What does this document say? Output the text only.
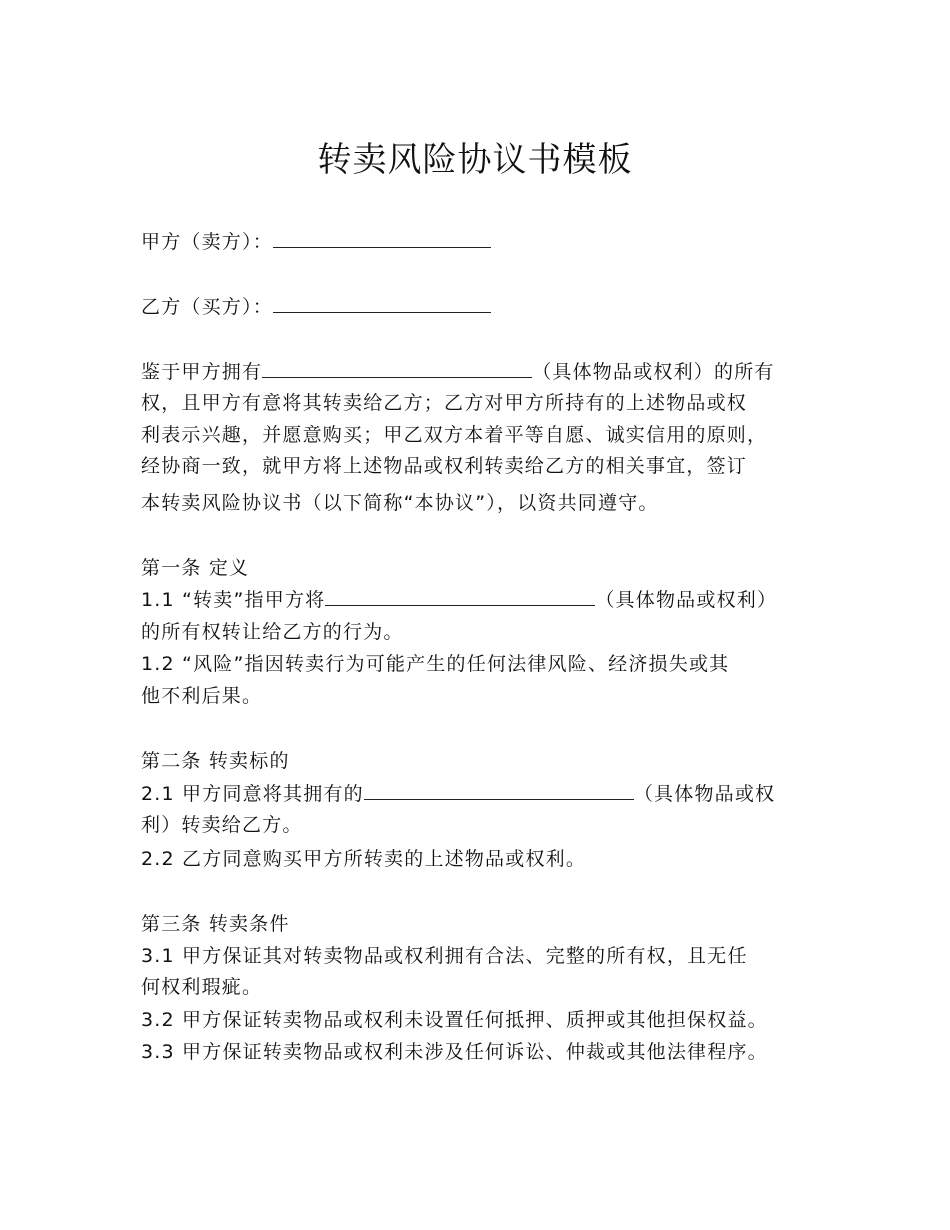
转卖风险协议书模板
甲方（卖方）：
乙方（买方）：
鉴于甲方拥有	（具体物品或权利）的所有
权，且甲方有意将其转卖给乙方；乙方对甲方所持有的上述物品或权
利表示兴趣，并愿意购买；甲乙双方本着平等自愿、诚实信用的原则，
经协商一致，就甲方将上述物品或权利转卖给乙方的相关事宜，签订
本转卖风险协议书（以下简称“本协议”），以资共同遵守。
第一条 定义
1.1 “转卖”指甲方将	（具体物品或权利）
的所有权转让给乙方的行为。
1.2 “风险”指因转卖行为可能产生的任何法律风险、经济损失或其
他不利后果。
第二条 转卖标的
2.1 甲方同意将其拥有的	（具体物品或权
利）转卖给乙方。
2.2 乙方同意购买甲方所转卖的上述物品或权利。
第三条 转卖条件
3.1 甲方保证其对转卖物品或权利拥有合法、完整的所有权，且无任
何权利瑕疵。
3.2 甲方保证转卖物品或权利未设置任何抵押、质押或其他担保权益。
3.3 甲方保证转卖物品或权利未涉及任何诉讼、仲裁或其他法律程序。
